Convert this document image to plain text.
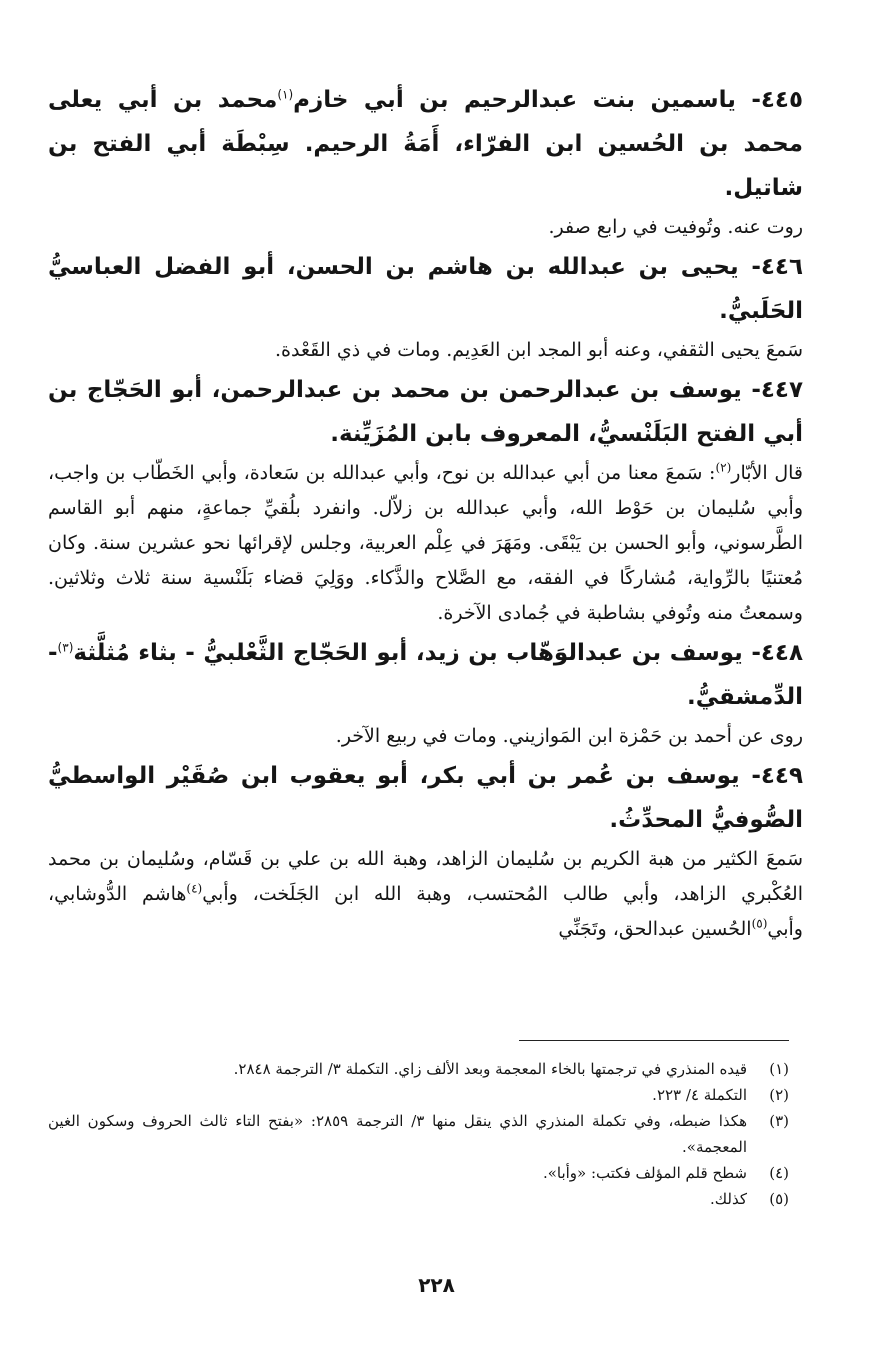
٤٤٥- ياسمين بنت عبدالرحيم بن أبي خازم$^{(١)}$محمد بن أبي يعلى محمد بن الحُسين ابن الفرّاء، أَمَةُ الرحيم. سِبْطَة أبي الفتح بن شاتيل.

روت عنه. وتُوفيت في رابع صفر.

٤٤٦- يحيى بن عبدالله بن هاشم بن الحسن، أبو الفضل العباسيُّ الحَلَبيُّ.

سَمعَ يحيى الثقفي، وعنه أبو المجد ابن العَدِيم. ومات في ذي القَعْدة.

٤٤٧- يوسف بن عبدالرحمن بن محمد بن عبدالرحمن، أبو الحَجّاج بن أبي الفتح البَلَنْسيُّ، المعروف بابن المُزَيِّنة.

قال الأبّار$^{(٢)}$: سَمعَ معنا من أبي عبدالله بن نوح، وأبي عبدالله بن سَعادة، وأبي الخَطّاب بن واجب، وأبي سُليمان بن حَوْط الله، وأبي عبدالله بن زلاّل. وانفرد بلُقيِّ جماعةٍ، منهم أبو القاسم الطَّرسوني، وأبو الحسن بن يَبْقَى. ومَهَرَ في عِلْم العربية، وجلس لإقرائها نحو عشرين سنة. وكان مُعتنيًا بالرِّواية، مُشاركًا في الفقه، مع الصَّلاح والذَّكاء. ووَلِيَ قضاء بَلَنْسية سنة ثلاث وثلاثين. وسمعتُ منه وتُوفي بشاطبة في جُمادى الآخرة.

٤٤٨- يوسف بن عبدالوَهّاب بن زيد، أبو الحَجّاج الثَّعْلبيُّ - بثاء مُثلَّثة$^{(٣)}$- الدِّمشقيُّ.

روى عن أحمد بن حَمْزة ابن المَوازيني. ومات في ربيع الآخر.

٤٤٩- يوسف بن عُمر بن أبي بكر، أبو يعقوب ابن صُقَيْر الواسطيُّ الصُّوفيُّ المحدِّثُ.

سَمعَ الكثير من هبة الكريم بن سُليمان الزاهد، وهبة الله بن علي بن قَسّام، وسُليمان بن محمد العُكْبري الزاهد، وأبي طالب المُحتسب، وهبة الله ابن الجَلَخت، وأبي$^{(٤)}$هاشم الدُّوشابي، وأبي$^{(٥)}$الحُسين عبدالحق، وتَجَنِّي

(١)
قيده المنذري في ترجمتها بالخاء المعجمة وبعد الألف زاي. التكملة ٣/ الترجمة ٢٨٤٨.
(٢)
التكملة ٤/ ٢٢٣.
(٣)
هكذا ضبطه، وفي تكملة المنذري الذي ينقل منها ٣/ الترجمة ٢٨٥٩: «بفتح التاء ثالث الحروف وسكون الغين المعجمة».
(٤)
شطح قلم المؤلف فكتب: «وأبا».
(٥)
كذلك.
٢٢٨
